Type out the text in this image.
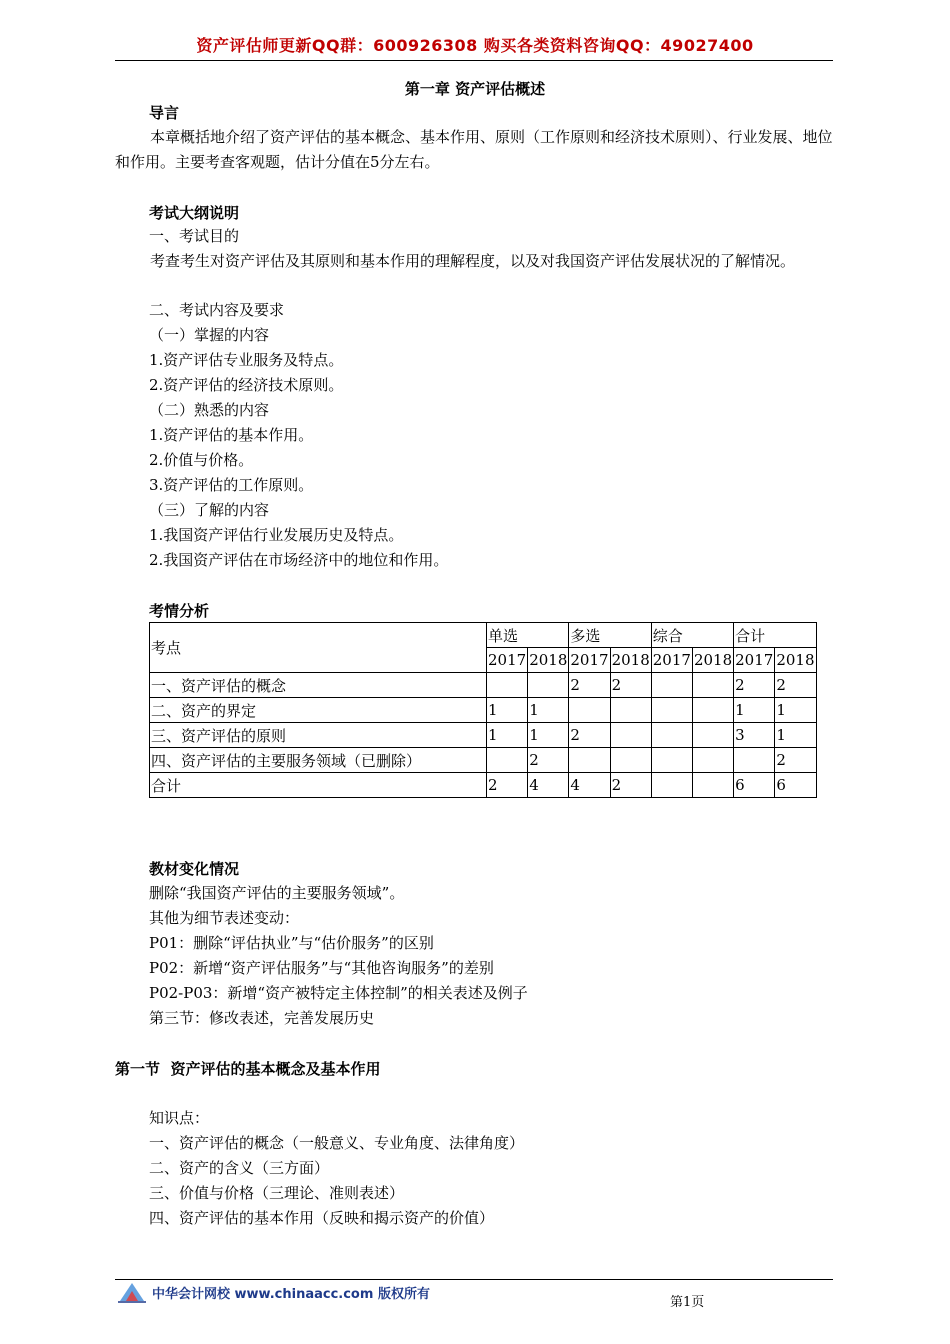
资产评估师更新QQ群：600926308 购买各类资料咨询QQ：49027400
第一章 资产评估概述
导言
本章概括地介绍了资产评估的基本概念、基本作用、原则（工作原则和经济技术原则）、行业发展、地位和作用。主要考查客观题，估计分值在5分左右。
考试大纲说明
一、考试目的
考查考生对资产评估及其原则和基本作用的理解程度，以及对我国资产评估发展状况的了解情况。
二、考试内容及要求
（一）掌握的内容
1.资产评估专业服务及特点。
2.资产评估的经济技术原则。
（二）熟悉的内容
1.资产评估的基本作用。
2.价值与价格。
3.资产评估的工作原则。
（三）了解的内容
1.我国资产评估行业发展历史及特点。
2.我国资产评估在市场经济中的地位和作用。
考情分析
考点	单选		多选		综合		合计	
	2017	2018	2017	2018	2017	2018	2017	2018
一、资产评估的概念			2	2			2	2
二、资产的界定	1	1					1	1
三、资产评估的原则	1	1	2				3	1
四、资产评估的主要服务领域（已删除）		2						2
合计	2	4	4	2			6	6
教材变化情况
删除“我国资产评估的主要服务领域”。
其他为细节表述变动：
P01：删除“评估执业”与“估价服务”的区别
P02：新增“资产评估服务”与“其他咨询服务”的差别
P02-P03：新增“资产被特定主体控制”的相关表述及例子
第三节：修改表述，完善发展历史
第一节  资产评估的基本概念及基本作用
知识点：
一、资产评估的概念（一般意义、专业角度、法律角度）
二、资产的含义（三方面）
三、价值与价格（三理论、准则表述）
四、资产评估的基本作用（反映和揭示资产的价值）
中华会计网校 www.chinaacc.com 版权所有
第1页
